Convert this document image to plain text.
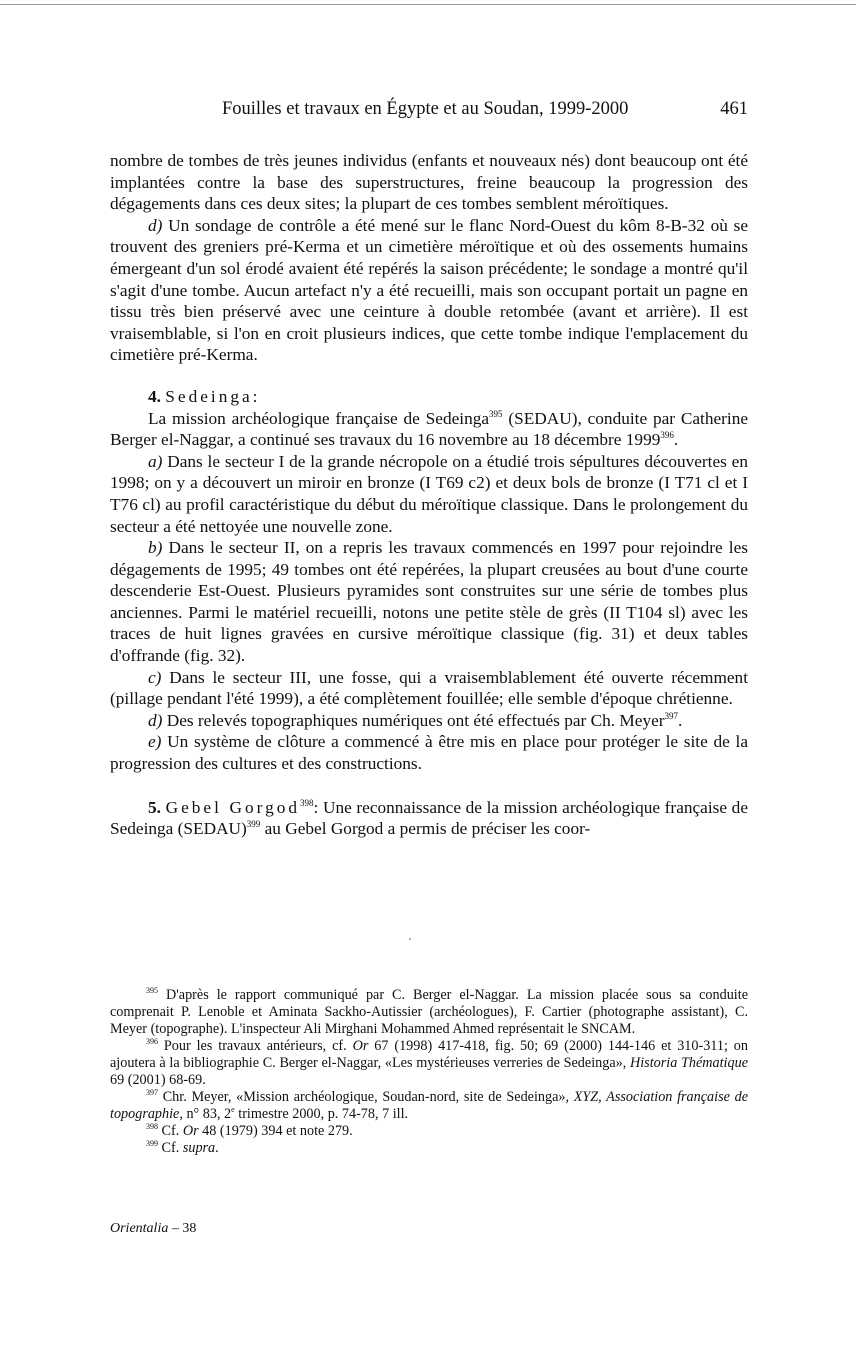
Fouilles et travaux en Égypte et au Soudan, 1999-2000	461

nombre de tombes de très jeunes individus (enfants et nouveaux nés) dont beaucoup ont été implantées contre la base des superstructures, freine beaucoup la progression des dégagements dans ces deux sites; la plupart de ces tombes semblent méroïtiques.

d) Un sondage de contrôle a été mené sur le flanc Nord-Ouest du kôm 8-B-32 où se trouvent des greniers pré-Kerma et un cimetière méroïtique et où des ossements humains émergeant d'un sol érodé avaient été repérés la saison précédente; le sondage a montré qu'il s'agit d'une tombe. Aucun artefact n'y a été recueilli, mais son occupant portait un pagne en tissu très bien préservé avec une ceinture à double retombée (avant et arrière). Il est vraisemblable, si l'on en croit plusieurs indices, que cette tombe indique l'emplacement du cimetière pré-Kerma.

4. Sedeinga:

La mission archéologique française de Sedeinga$^{395}$ (SEDAU), conduite par Catherine Berger el-Naggar, a continué ses travaux du 16 novembre au 18 décembre 1999$^{396}$.

a) Dans le secteur I de la grande nécropole on a étudié trois sépultures découvertes en 1998; on y a découvert un miroir en bronze (I T69 c2) et deux bols de bronze (I T71 cl et I T76 cl) au profil caractéristique du début du méroïtique classique. Dans le prolongement du secteur a été nettoyée une nouvelle zone.

b) Dans le secteur II, on a repris les travaux commencés en 1997 pour rejoindre les dégagements de 1995; 49 tombes ont été repérées, la plupart creusées au bout d'une courte descenderie Est-Ouest. Plusieurs pyramides sont construites sur une série de tombes plus anciennes. Parmi le matériel recueilli, notons une petite stèle de grès (II T104 sl) avec les traces de huit lignes gravées en cursive méroïtique classique (fig. 31) et deux tables d'offrande (fig. 32).

c) Dans le secteur III, une fosse, qui a vraisemblablement été ouverte récemment (pillage pendant l'été 1999), a été complètement fouillée; elle semble d'époque chrétienne.

d) Des relevés topographiques numériques ont été effectués par Ch. Meyer$^{397}$.

e) Un système de clôture a commencé à être mis en place pour protéger le site de la progression des cultures et des constructions.

5. Gebel Gorgod$^{398}$: Une reconnaissance de la mission archéologique française de Sedeinga (SEDAU)$^{399}$ au Gebel Gorgod a permis de préciser les coor-

$^{395}$ D'après le rapport communiqué par C. Berger el-Naggar. La mission placée sous sa conduite comprenait P. Lenoble et Aminata Sackho-Autissier (archéologues), F. Cartier (photographe assistant), C. Meyer (topographe). L'inspecteur Ali Mirghani Mohammed Ahmed représentait le SNCAM.

$^{396}$ Pour les travaux antérieurs, cf. Or 67 (1998) 417-418, fig. 50; 69 (2000) 144-146 et 310-311; on ajoutera à la bibliographie C. Berger el-Naggar, «Les mystérieuses verreries de Sedeinga», Historia Thématique 69 (2001) 68-69.

$^{397}$ Chr. Meyer, «Mission archéologique, Soudan-nord, site de Sedeinga», XYZ, Association française de topographie, n° 83, 2e trimestre 2000, p. 74-78, 7 ill.

$^{398}$ Cf. Or 48 (1979) 394 et note 279.

$^{399}$ Cf. supra.

Orientalia – 38
